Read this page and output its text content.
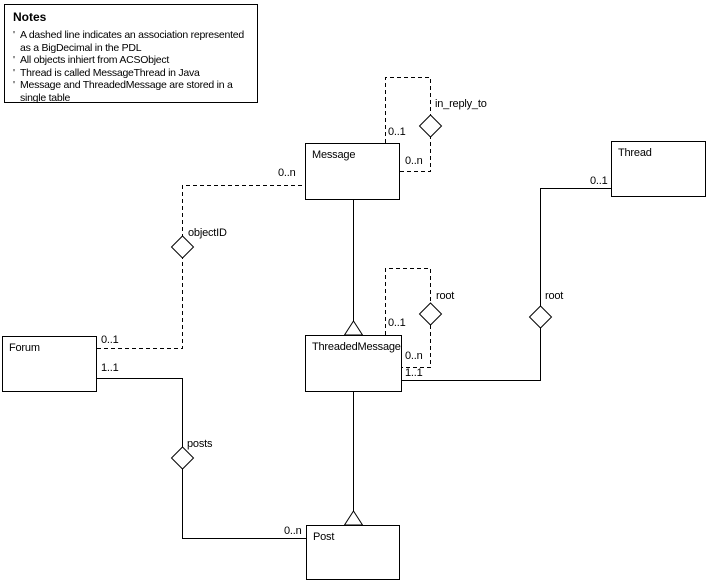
Notes
' A dashed line indicates an association represented as a BigDecimal in the PDL
' All objects inhiert from ACSObject
' Thread is called MessageThread in Java
' Message and ThreadedMessage are stored in a single table
Message	Thread
ThreadedMessage
Forum
Post
in_reply_to
root
objectID
posts
root
0..1
0..n
0..1
0..n
0..1
0..n
1..1
0..n
0..1
1..1
